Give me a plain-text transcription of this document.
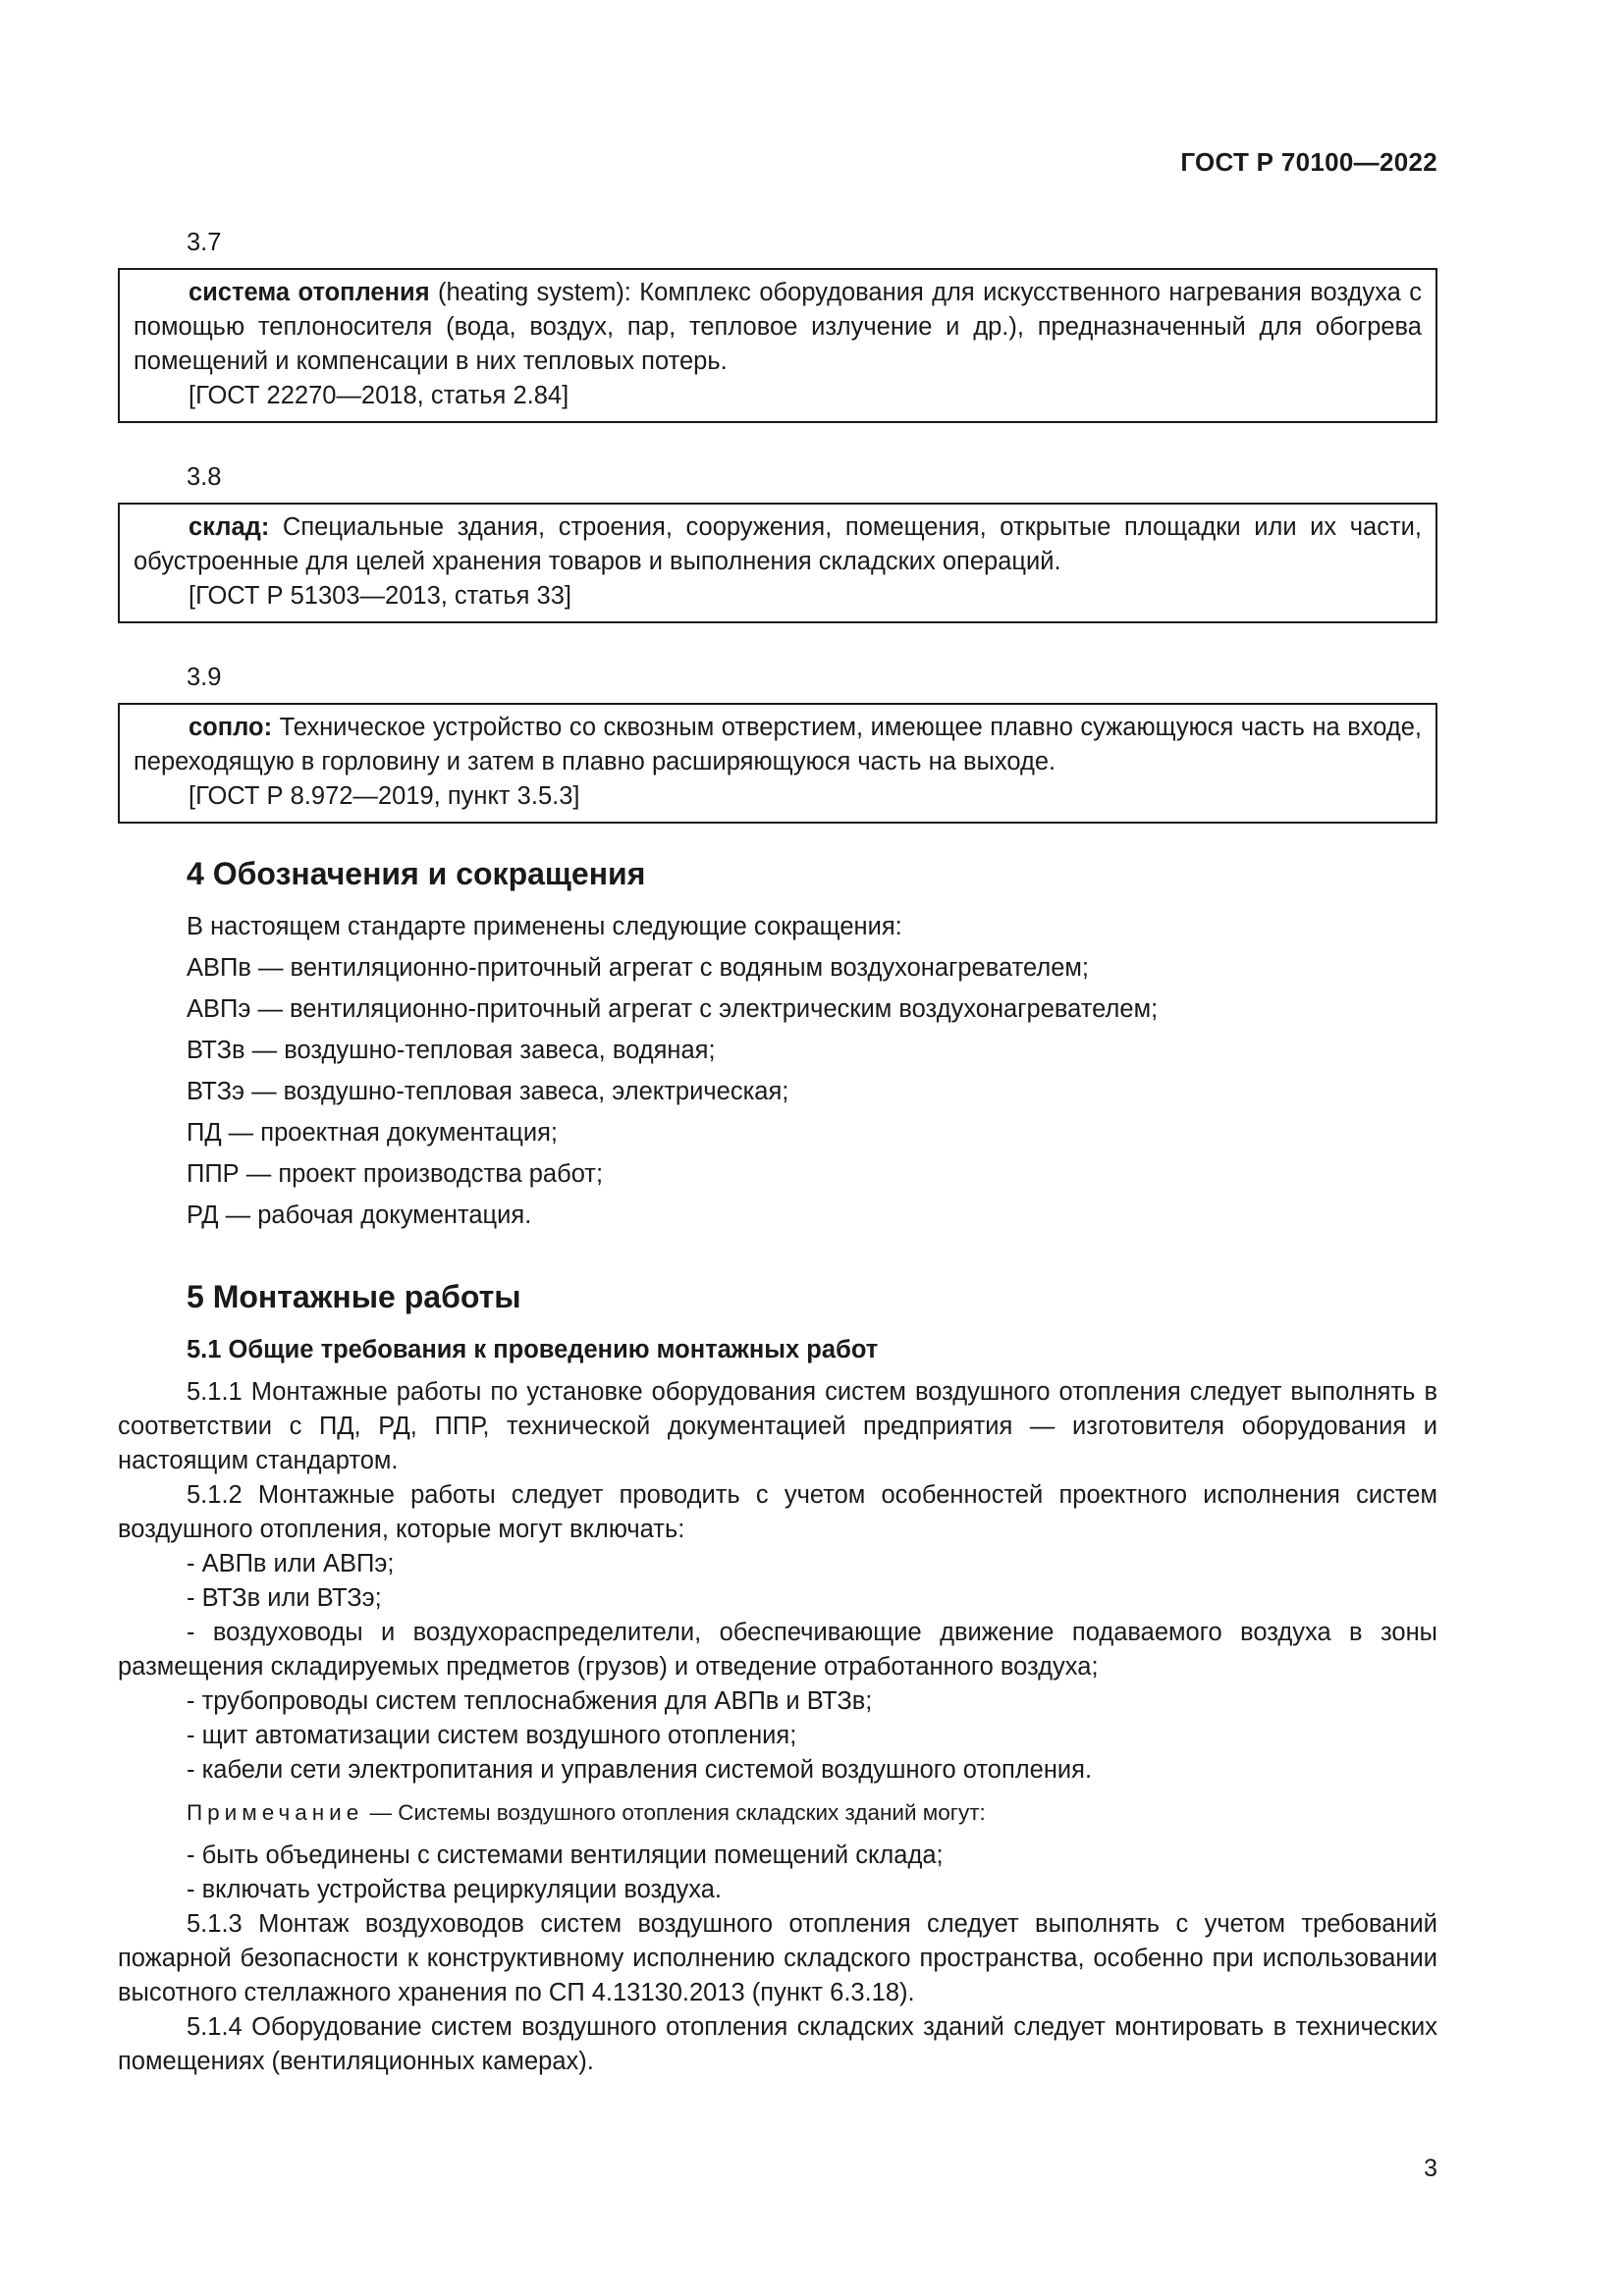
ГОСТ Р 70100—2022
3.7

система отопления (heating system): Комплекс оборудования для искусственного нагревания воздуха с помощью теплоносителя (вода, воздух, пар, тепловое излучение и др.), предназначенный для обогрева помещений и компенсации в них тепловых потерь.

[ГОСТ 22270—2018, статья 2.84]

3.8

склад: Специальные здания, строения, сооружения, помещения, открытые площадки или их части, обустроенные для целей хранения товаров и выполнения складских операций.

[ГОСТ Р 51303—2013, статья 33]

3.9

сопло: Техническое устройство со сквозным отверстием, имеющее плавно сужающуюся часть на входе, переходящую в горловину и затем в плавно расширяющуюся часть на выходе.

[ГОСТ Р 8.972—2019, пункт 3.5.3]

4 Обозначения и сокращения

В настоящем стандарте применены следующие сокращения:

АВПв — вентиляционно-приточный агрегат с водяным воздухонагревателем;

АВПэ — вентиляционно-приточный агрегат с электрическим воздухонагревателем;

ВТЗв — воздушно-тепловая завеса, водяная;

ВТЗэ — воздушно-тепловая завеса, электрическая;

ПД — проектная документация;

ППР — проект производства работ;

РД — рабочая документация.

5 Монтажные работы
5.1 Общие требования к проведению монтажных работ

5.1.1 Монтажные работы по установке оборудования систем воздушного отопления следует выполнять в соответствии с ПД, РД, ППР, технической документацией предприятия — изготовителя оборудования и настоящим стандартом.

5.1.2 Монтажные работы следует проводить с учетом особенностей проектного исполнения систем воздушного отопления, которые могут включать:

- АВПв или АВПэ;

- ВТЗв или ВТЗэ;

- воздуховоды и воздухораспределители, обеспечивающие движение подаваемого воздуха в зоны размещения складируемых предметов (грузов) и отведение отработанного воздуха;

- трубопроводы систем теплоснабжения для АВПв и ВТЗв;

- щит автоматизации систем воздушного отопления;

- кабели сети электропитания и управления системой воздушного отопления.

Примечание — Системы воздушного отопления складских зданий могут:

- быть объединены с системами вентиляции помещений склада;

- включать устройства рециркуляции воздуха.

5.1.3 Монтаж воздуховодов систем воздушного отопления следует выполнять с учетом требований пожарной безопасности к конструктивному исполнению складского пространства, особенно при использовании высотного стеллажного хранения по СП 4.13130.2013 (пункт 6.3.18).

5.1.4 Оборудование систем воздушного отопления складских зданий следует монтировать в технических помещениях (вентиляционных камерах).

3
